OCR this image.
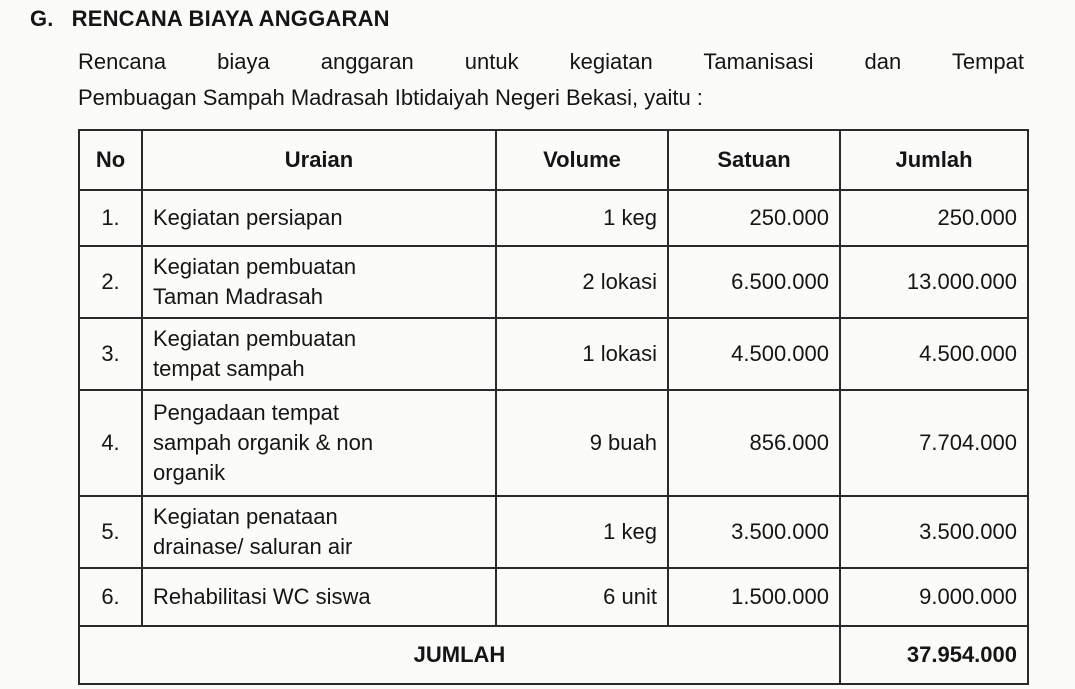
G. RENCANA BIAYA ANGGARAN
Rencana biaya anggaran untuk kegiatan Tamanisasi dan Tempat
Pembuagan Sampah Madrasah Ibtidaiyah Negeri Bekasi, yaitu :
No	Uraian	Volume	Satuan	Jumlah
1.	Kegiatan persiapan	1 keg	250.000	250.000
2.	Kegiatan pembuatan
Taman Madrasah	2 lokasi	6.500.000	13.000.000
3.	Kegiatan pembuatan
tempat sampah	1 lokasi	4.500.000	4.500.000
4.	Pengadaan tempat
sampah organik & non
organik	9 buah	856.000	7.704.000
5.	Kegiatan penataan
drainase/ saluran air	1 keg	3.500.000	3.500.000
6.	Rehabilitasi WC siswa	6 unit	1.500.000	9.000.000
JUMLAH				37.954.000
